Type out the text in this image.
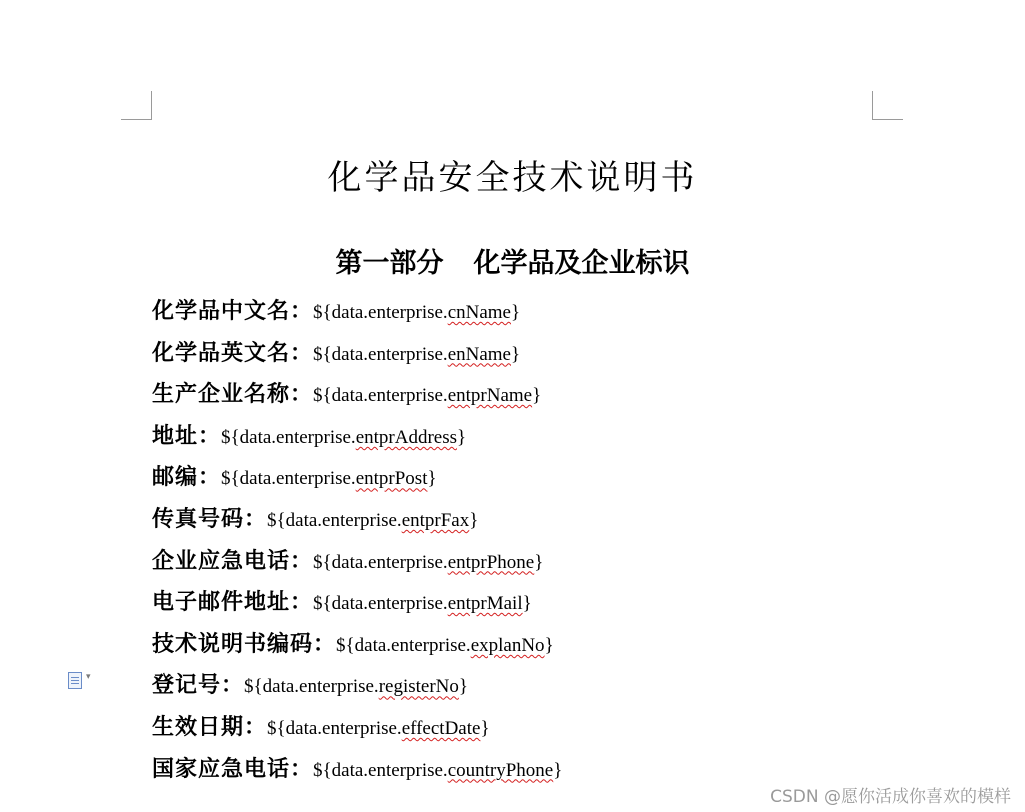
化学品安全技术说明书
第一部分 化学品及企业标识
化学品中文名：${data.enterprise.cnName}
化学品英文名：${data.enterprise.enName}
生产企业名称：${data.enterprise.entprName}
地址：${data.enterprise.entprAddress}
邮编：${data.enterprise.entprPost}
传真号码：${data.enterprise.entprFax}
企业应急电话：${data.enterprise.entprPhone}
电子邮件地址：${data.enterprise.entprMail}
技术说明书编码：${data.enterprise.explanNo}
登记号：${data.enterprise.registerNo}
生效日期：${data.enterprise.effectDate}
国家应急电话：${data.enterprise.countryPhone}
▾
CSDN @愿你活成你喜欢的模样
